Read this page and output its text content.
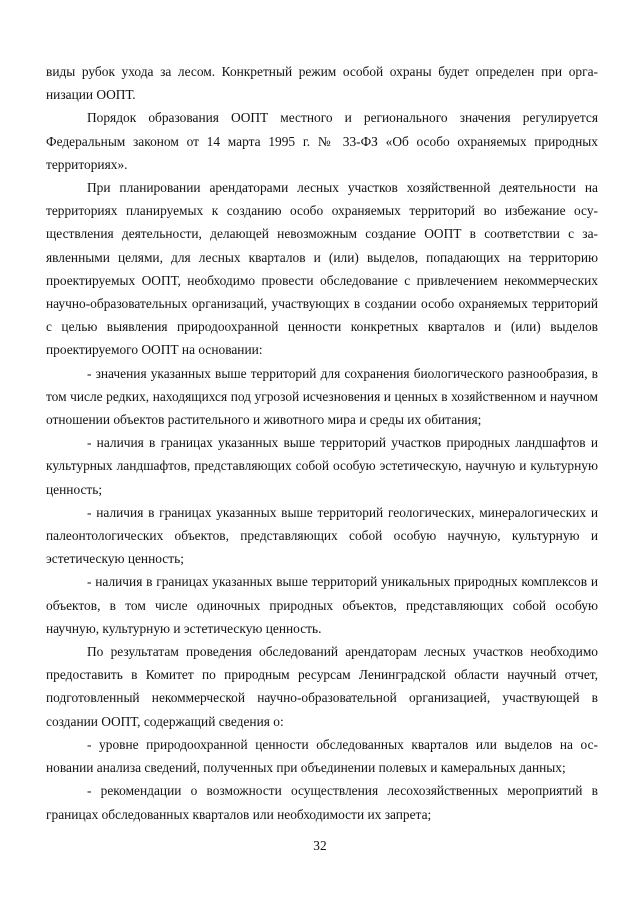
виды рубок ухода за лесом. Конкретный режим особой охраны будет определен при организации ООПТ.

Порядок образования ООПТ местного и регионального значения регулируется Федеральным законом от 14 марта 1995 г. № 33-ФЗ «Об особо охраняемых природных территориях».

При планировании арендаторами лесных участков хозяйственной деятельности на территориях планируемых к созданию особо охраняемых территорий во избежание осуществления деятельности, делающей невозможным создание ООПТ в соответствии с заявленными целями, для лесных кварталов и (или) выделов, попадающих на территорию проектируемых ООПТ, необходимо провести обследование с привлечением некоммерческих научно-образовательных организаций, участвующих в создании особо охраняемых территорий с целью выявления природоохранной ценности конкретных кварталов и (или) выделов проектируемого ООПТ на основании:

- значения указанных выше территорий для сохранения биологического разнообразия, в том числе редких, находящихся под угрозой исчезновения и ценных в хозяйственном и научном отношении объектов растительного и животного мира и среды их обитания;

- наличия в границах указанных выше территорий участков природных ландшафтов и культурных ландшафтов, представляющих собой особую эстетическую, научную и культурную ценность;

- наличия в границах указанных выше территорий геологических, минералогических и палеонтологических объектов, представляющих собой особую научную, культурную и эстетическую ценность;

- наличия в границах указанных выше территорий уникальных природных комплексов и объектов, в том числе одиночных природных объектов, представляющих собой особую научную, культурную и эстетическую ценность.

По результатам проведения обследований арендаторам лесных участков необходимо предоставить в Комитет по природным ресурсам Ленинградской области научный отчет, подготовленный некоммерческой научно-образовательной организацией, участвующей в создании ООПТ, содержащий сведения о:

- уровне природоохранной ценности обследованных кварталов или выделов на основании анализа сведений, полученных при объединении полевых и камеральных данных;

- рекомендации о возможности осуществления лесохозяйственных мероприятий в границах обследованных кварталов или необходимости их запрета;

32
